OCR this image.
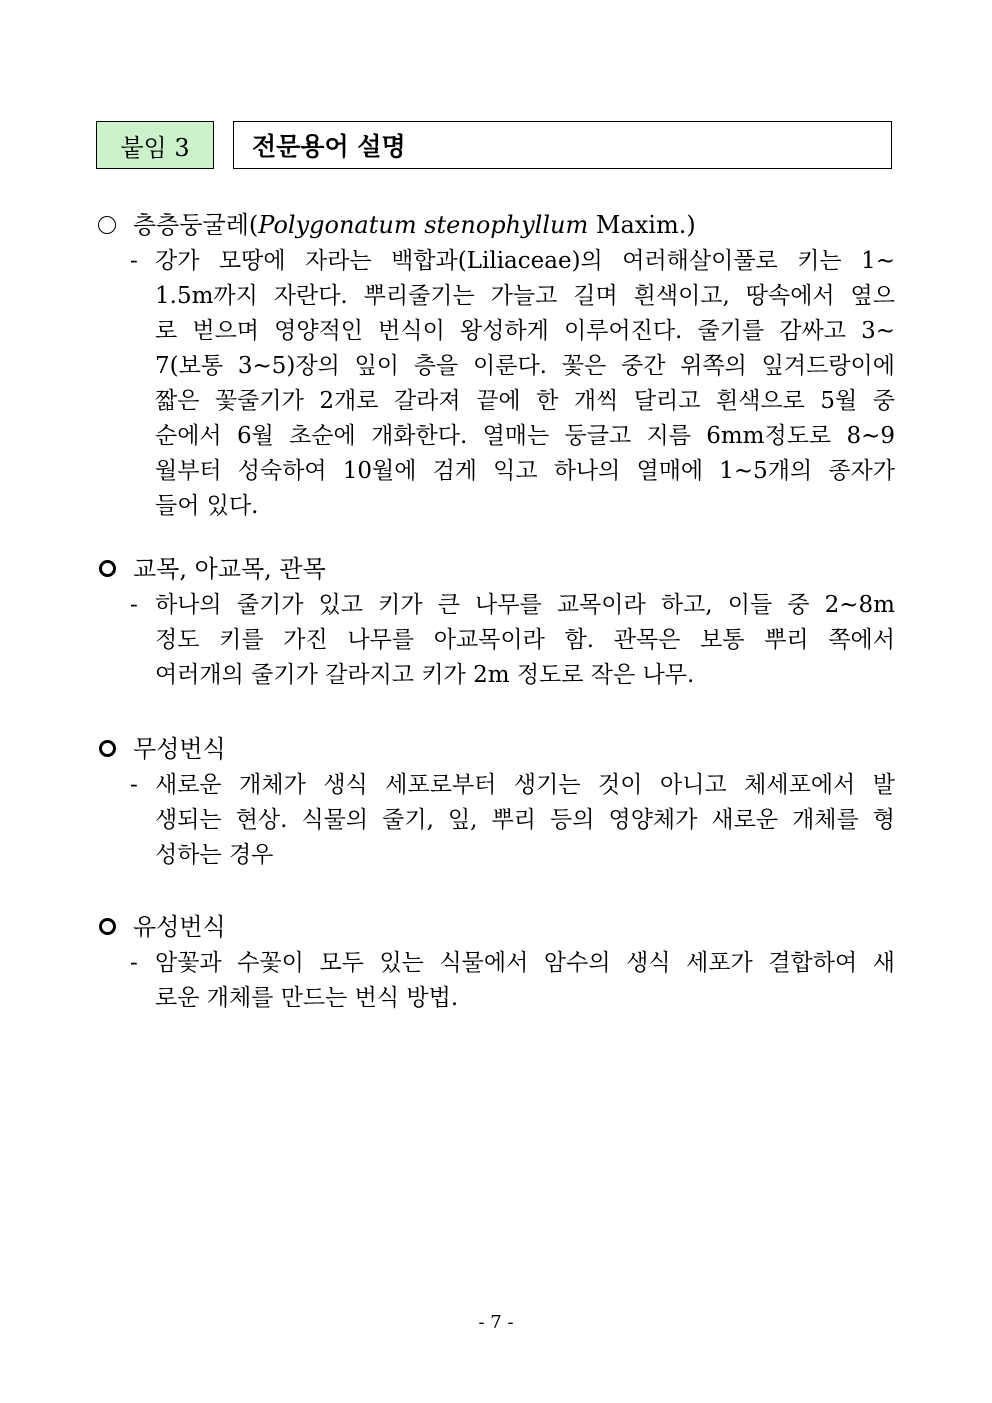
붙임 3	전문용어 설명
층층둥굴레(Polygonatum stenophyllum Maxim.)
- 강가 모땅에 자라는 백합과(Liliaceae)의 여러해살이풀로 키는 1∼
1.5m까지 자란다. 뿌리줄기는 가늘고 길며 흰색이고, 땅속에서 옆으
로 벋으며 영양적인 번식이 왕성하게 이루어진다. 줄기를 감싸고 3∼
7(보통 3∼5)장의 잎이 층을 이룬다. 꽃은 중간 위쪽의 잎겨드랑이에
짧은 꽃줄기가 2개로 갈라져 끝에 한 개씩 달리고 흰색으로 5월 중
순에서 6월 초순에 개화한다. 열매는 둥글고 지름 6mm정도로 8∼9
월부터 성숙하여 10월에 검게 익고 하나의 열매에 1∼5개의 종자가
들어 있다.
교목, 아교목, 관목
- 하나의 줄기가 있고 키가 큰 나무를 교목이라 하고, 이들 중 2~8m
정도 키를 가진 나무를 아교목이라 함. 관목은 보통 뿌리 쪽에서
여러개의 줄기가 갈라지고 키가 2m 정도로 작은 나무.
무성번식
- 새로운 개체가 생식 세포로부터 생기는 것이 아니고 체세포에서 발
생되는 현상. 식물의 줄기, 잎, 뿌리 등의 영양체가 새로운 개체를 형
성하는 경우
유성번식
- 암꽃과 수꽃이 모두 있는 식물에서 암수의 생식 세포가 결합하여 새
로운 개체를 만드는 번식 방법.
- 7 -
